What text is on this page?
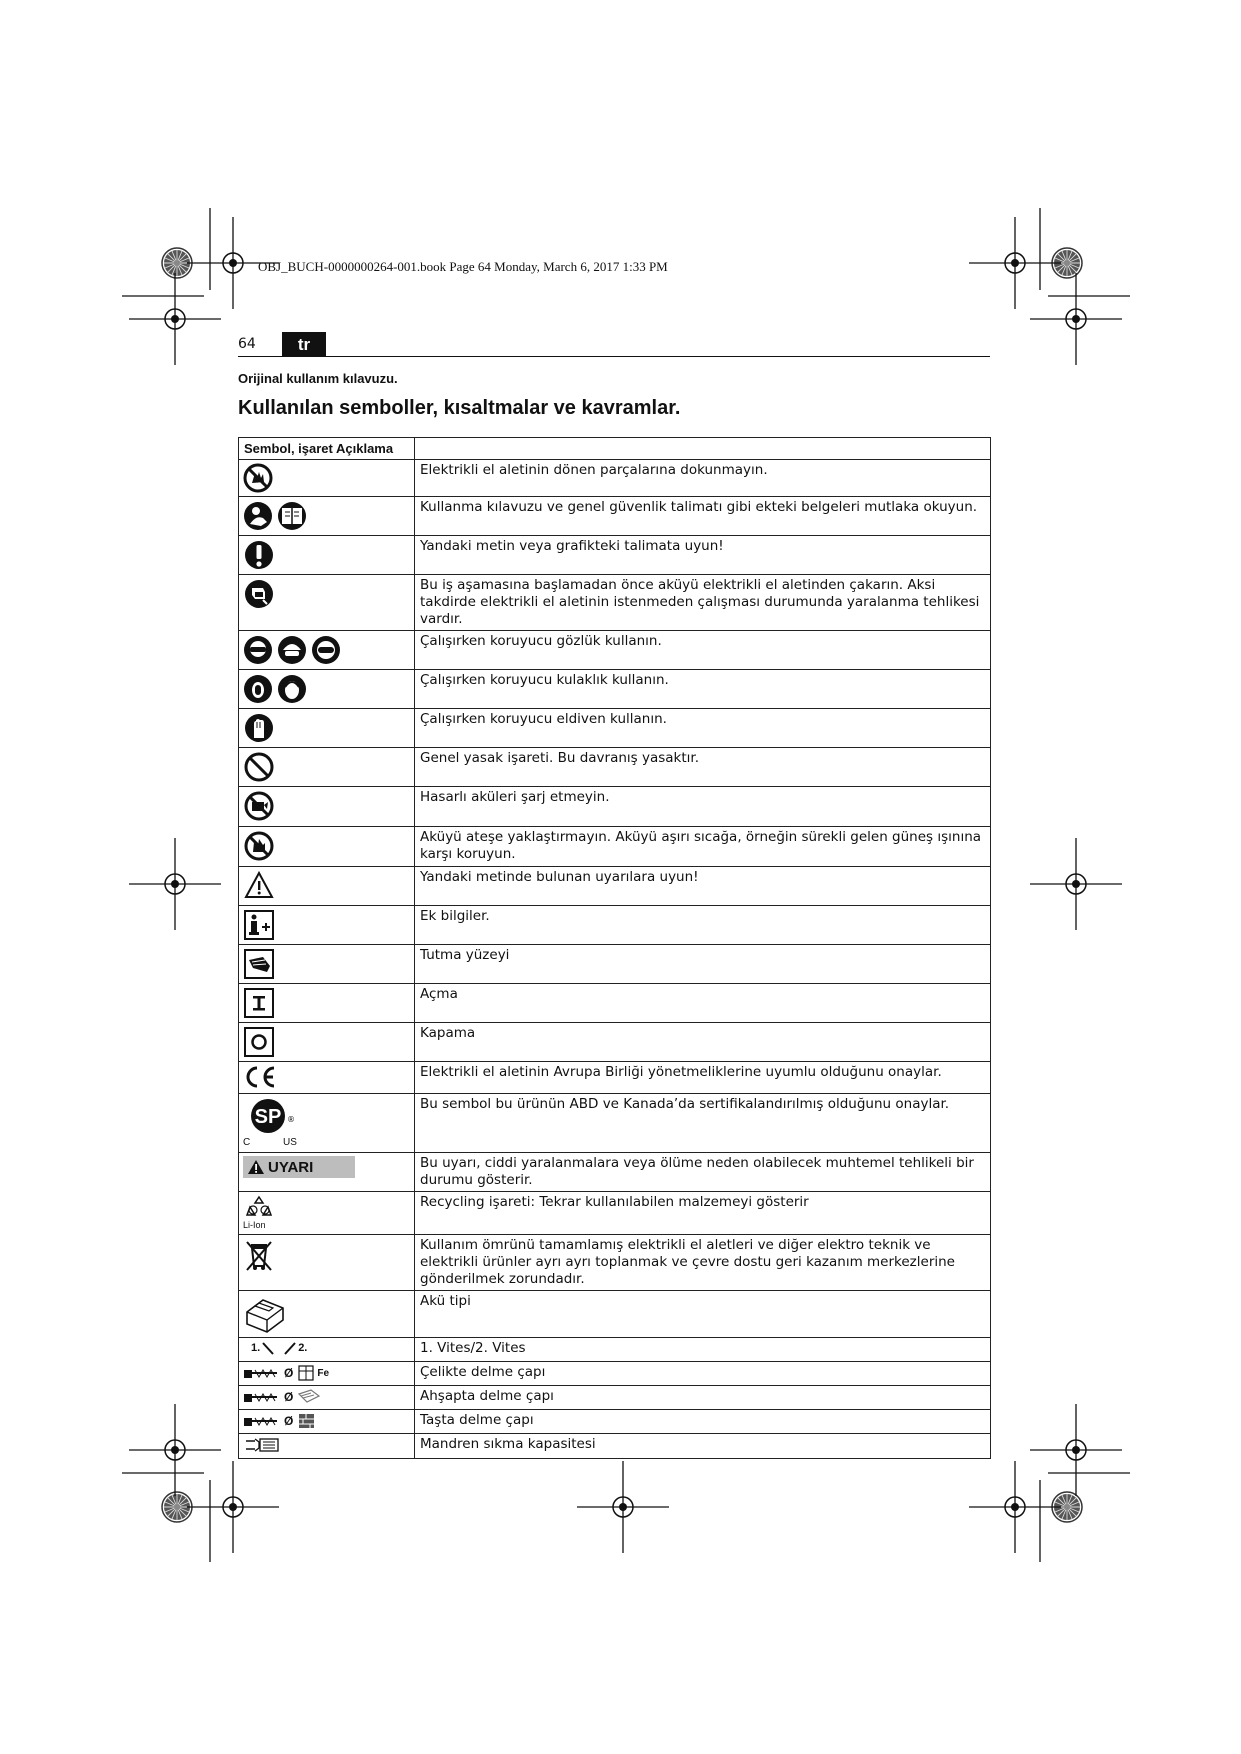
OBJ_BUCH-0000000264-001.book Page 64 Monday, March 6, 2017 1:33 PM
64	tr
Orijinal kullanım kılavuzu.
Kullanılan semboller, kısaltmalar ve kavramlar.
Sembol, işaret Açıklama	
	Elektrikli el aletinin dönen parçalarına dokunmayın.
	Kullanma kılavuzu ve genel güvenlik talimatı gibi ekteki belgeleri mutlaka okuyun.
	Yandaki metin veya grafikteki talimata uyun!
	Bu iş aşamasına başlamadan önce aküyü elektrikli el aletinden çakarın. Aksi takdirde elektrikli el aletinin istenmeden çalışması durumunda yaralanma tehlikesi vardır.
	Çalışırken koruyucu gözlük kullanın.
	Çalışırken koruyucu kulaklık kullanın.
	Çalışırken koruyucu eldiven kullanın.
	Genel yasak işareti. Bu davranış yasaktır.
	Hasarlı aküleri şarj etmeyin.
	Aküyü ateşe yaklaştırmayın. Aküyü aşırı sıcağa, örneğin sürekli gelen güneş ışınına karşı koruyun.
	Yandaki metinde bulunan uyarılara uyun!
	Ek bilgiler.
	Tutma yüzeyi
	Açma
	Kapama
	Elektrikli el aletinin Avrupa Birliği yönetmeliklerine uyumlu olduğunu onaylar.

SP ®
C US	Bu sembol bu ürünün ABD ve Kanada’da sertifikalandırılmış olduğunu onaylar.

UYARI	Bu uyarı, ciddi yaralanmalara veya ölüme neden olabilecek muhtemel tehlikeli bir durumu gösterir.

Li-Ion	Recycling işareti: Tekrar kullanılabilen malzemeyi gösterir
	Kullanım ömrünü tamamlamış elektrikli el aletleri ve diğer elektro teknik ve elektrikli ürünler ayrı ayrı toplanmak ve çevre dostu geri kazanım merkezlerine gönderilmek zorundadır.
	Akü tipi

1. 2.	1. Vites/2. Vites

Ø Fe	Çelikte delme çapı

Ø	Ahşapta delme çapı

Ø	Taşta delme çapı
	Mandren sıkma kapasitesi
